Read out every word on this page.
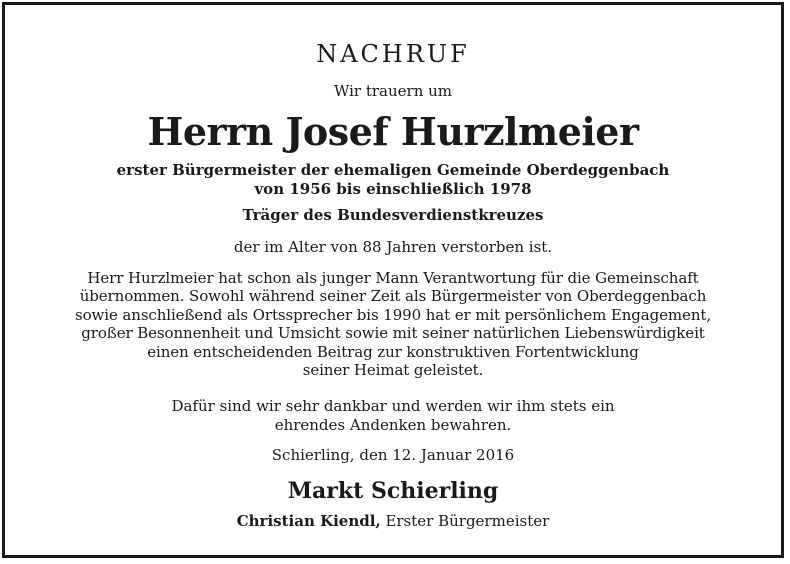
NACHRUF
Wir trauern um
Herrn Josef Hurzlmeier
erster Bürgermeister der ehemaligen Gemeinde Oberdeggenbach
von 1956 bis einschließlich 1978
Träger des Bundesverdienstkreuzes
der im Alter von 88 Jahren verstorben ist.
Herr Hurzlmeier hat schon als junger Mann Verantwortung für die Gemeinschaft
übernommen. Sowohl während seiner Zeit als Bürgermeister von Oberdeggenbach
sowie anschließend als Ortssprecher bis 1990 hat er mit persönlichem Engagement,
großer Besonnenheit und Umsicht sowie mit seiner natürlichen Liebenswürdigkeit
einen entscheidenden Beitrag zur konstruktiven Fortentwicklung
seiner Heimat geleistet.
Dafür sind wir sehr dankbar und werden wir ihm stets ein
ehrendes Andenken bewahren.
Schierling, den 12. Januar 2016
Markt Schierling
Christian Kiendl, Erster Bürgermeister
